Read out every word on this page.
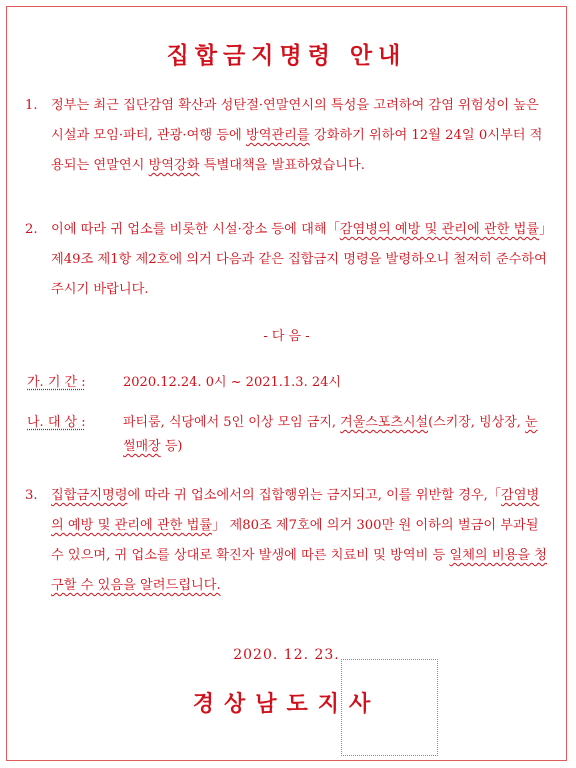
집합금지명령 안내
1. 정부는 최근 집단감염 확산과 성탄절·연말연시의 특성을 고려하여 감염 위험성이 높은 시설과 모임·파티, 관광·여행 등에 방역관리를 강화하기 위하여 12월 24일 0시부터 적용되는 연말연시 방역강화 특별대책을 발표하였습니다.
2. 이에 따라 귀 업소를 비롯한 시설·장소 등에 대해「감염병의 예방 및 관리에 관한 법률」제49조 제1항 제2호에 의거 다음과 같은 집합금지 명령을 발령하오니 철저히 준수하여 주시기 바랍니다.
- 다 음 -
가. 기 간 :	2020.12.24. 0시 ~ 2021.1.3. 24시
나. 대 상 :	파티룸, 식당에서 5인 이상 모임 금지, 겨울스포츠시설(스키장, 빙상장, 눈썰매장 등)
3. 집합금지명령에 따라 귀 업소에서의 집합행위는 금지되고, 이를 위반할 경우,「감염병의 예방 및 관리에 관한 법률」 제80조 제7호에 의거 300만 원 이하의 벌금이 부과될 수 있으며, 귀 업소를 상대로 확진자 발생에 따른 치료비 및 방역비 등 일체의 비용을 청구할 수 있음을 알려드립니다.
2020. 12. 23.
경상남도지사
